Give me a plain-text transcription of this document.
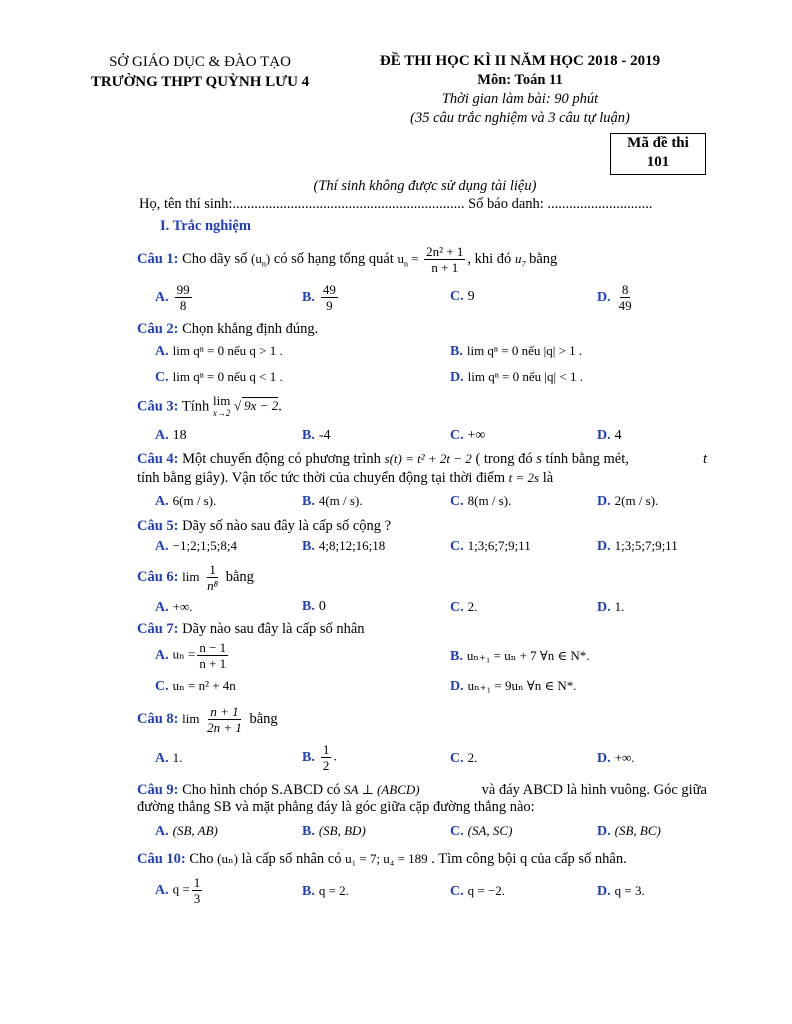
SỞ GIÁO DỤC & ĐÀO TẠO
TRƯỜNG THPT QUỲNH LƯU 4
ĐỀ THI HỌC KÌ II NĂM HỌC 2018 - 2019
Môn: Toán 11
Thời gian làm bài: 90 phút
(35 câu trắc nghiệm và 3 câu tự luận)
Mã đề thi
101
(Thí sinh không được sử dụng tài liệu)
Họ, tên thí sinh:................................................................ Số báo danh: .............................
I. Trắc nghiệm
Câu 1: Cho dãy số $(u_n)$ có số hạng tổng quát $u_n = \frac{\text{2n² + 1}}{n + 1}$ , khi đó $u_7$ bằng
A. $\frac{99}{8}$	B. $\frac{49}{9}$	C. 9	D. $\frac{8}{49}$
Câu 2: Chọn khẳng định đúng.
A. lim qⁿ = 0 nếu q > 1 .	B. lim qⁿ = 0 nếu |q| > 1 .
C. lim qⁿ = 0 nếu q < 1 .	D. lim qⁿ = 0 nếu |q| < 1 .
Câu 3: Tính lim
x→2 √ 9x − 2.
A. 18	B. -4	C. +∞	D. 4
Câu 4: Một chuyển động có phương trình s(t) = t² + 2t − 2 ( trong đó s tính bằng mét,	t
tính bằng giây). Vận tốc tức thời của chuyển động tại thời điểm t = 2s là
A. 6(m / s).	B. 4(m / s).	C. 8(m / s).	D. 2(m / s).
Câu 5: Dãy số nào sau đây là cấp số cộng ?
A. −1;2;1;5;8;4	B. 4;8;12;16;18	C. 1;3;6;7;9;11	D. 1;3;5;7;9;11
Câu 6: $\lim \frac{1}{\text{n⁸}}$ bằng
A. +∞.	B. 0	C. 2.	D. 1.
Câu 7: Dãy nào sau đây là cấp số nhân
A. $u_n = \frac{n - 1}{n + 1}$	B. uₙ₊₁ = uₙ + 7 ∀n ∈ N*.
C. uₙ = n² + 4n	D. uₙ₊₁ = 9uₙ ∀n ∈ N*.
Câu 8: $\lim \frac{n + 1}{2n + 1}$ bằng
A. 1.	B. $\frac{1}{2}$ .	C. 2.	D. +∞.
Câu 9: Cho hình chóp S.ABCD có SA ⊥ (ABCD)	và đáy ABCD là hình vuông. Góc giữa
đường thẳng SB và mặt phẳng đáy là góc giữa cặp đường thẳng nào:
A. (SB, AB)	B. (SB, BD)	C. (SA, SC)	D. (SB, BC)
Câu 10: Cho (uₙ) là cấp số nhân có u₁ = 7; u₄ = 189 . Tìm công bội q của cấp số nhân.
A. $q = \frac{1}{3}$	B. q = 2.	C. q = −2.	D. q = 3.
